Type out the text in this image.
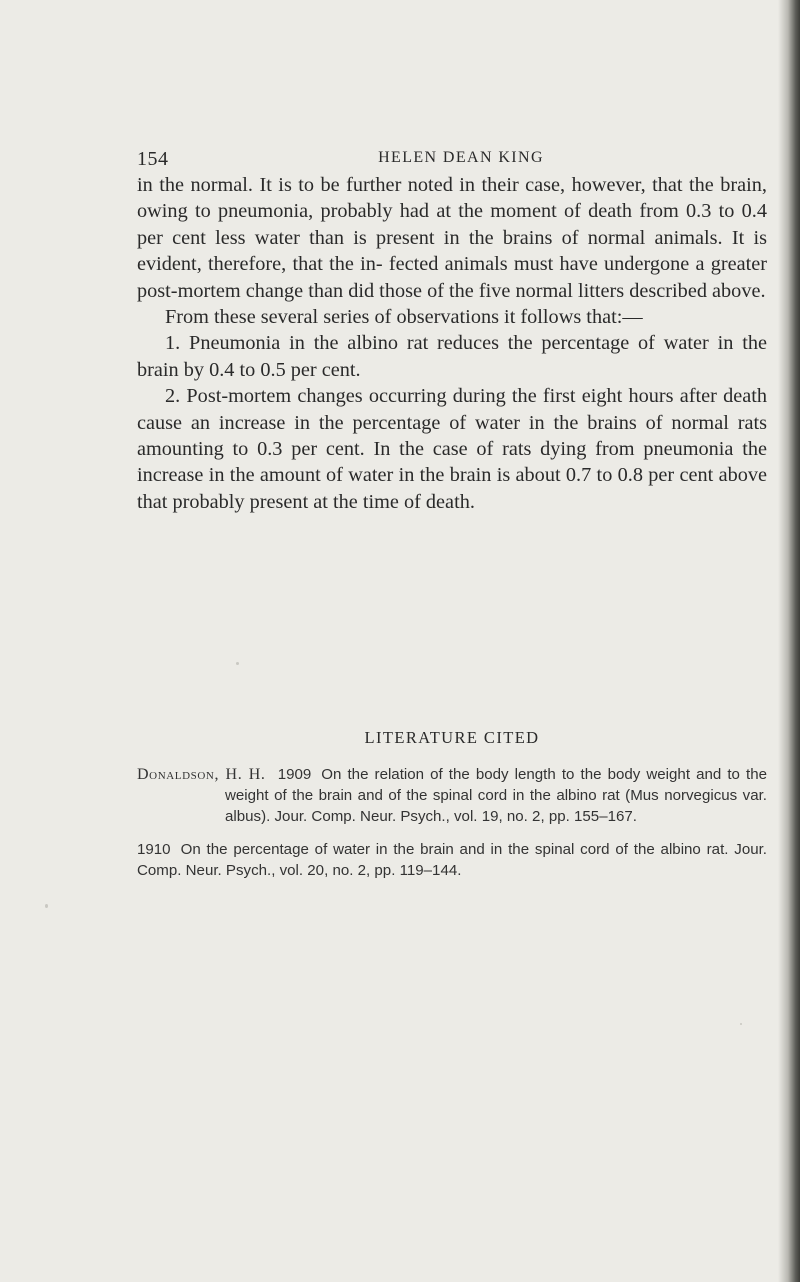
154	HELEN DEAN KING

in the normal. It is to be further noted in their case, however, that the brain, owing to pneumonia, probably had at the moment of death from 0.3 to 0.4 per cent less water than is present in the brains of normal animals. It is evident, therefore, that the in- fected animals must have undergone a greater post-mortem change than did those of the five normal litters described above.

From these several series of observations it follows that:—

1. Pneumonia in the albino rat reduces the percentage of water in the brain by 0.4 to 0.5 per cent.

2. Post-mortem changes occurring during the first eight hours after death cause an increase in the percentage of water in the brains of normal rats amounting to 0.3 per cent. In the case of rats dying from pneumonia the increase in the amount of water in the brain is about 0.7 to 0.8 per cent above that probably present at the time of death.

LITERATURE CITED

Donaldson, H. H. 1909 On the relation of the body length to the body weight and to the weight of the brain and of the spinal cord in the albino rat (Mus norvegicus var. albus). Jour. Comp. Neur. Psych., vol. 19, no. 2, pp. 155–167.

1910 On the percentage of water in the brain and in the spinal cord of the albino rat. Jour. Comp. Neur. Psych., vol. 20, no. 2, pp. 119–144.
